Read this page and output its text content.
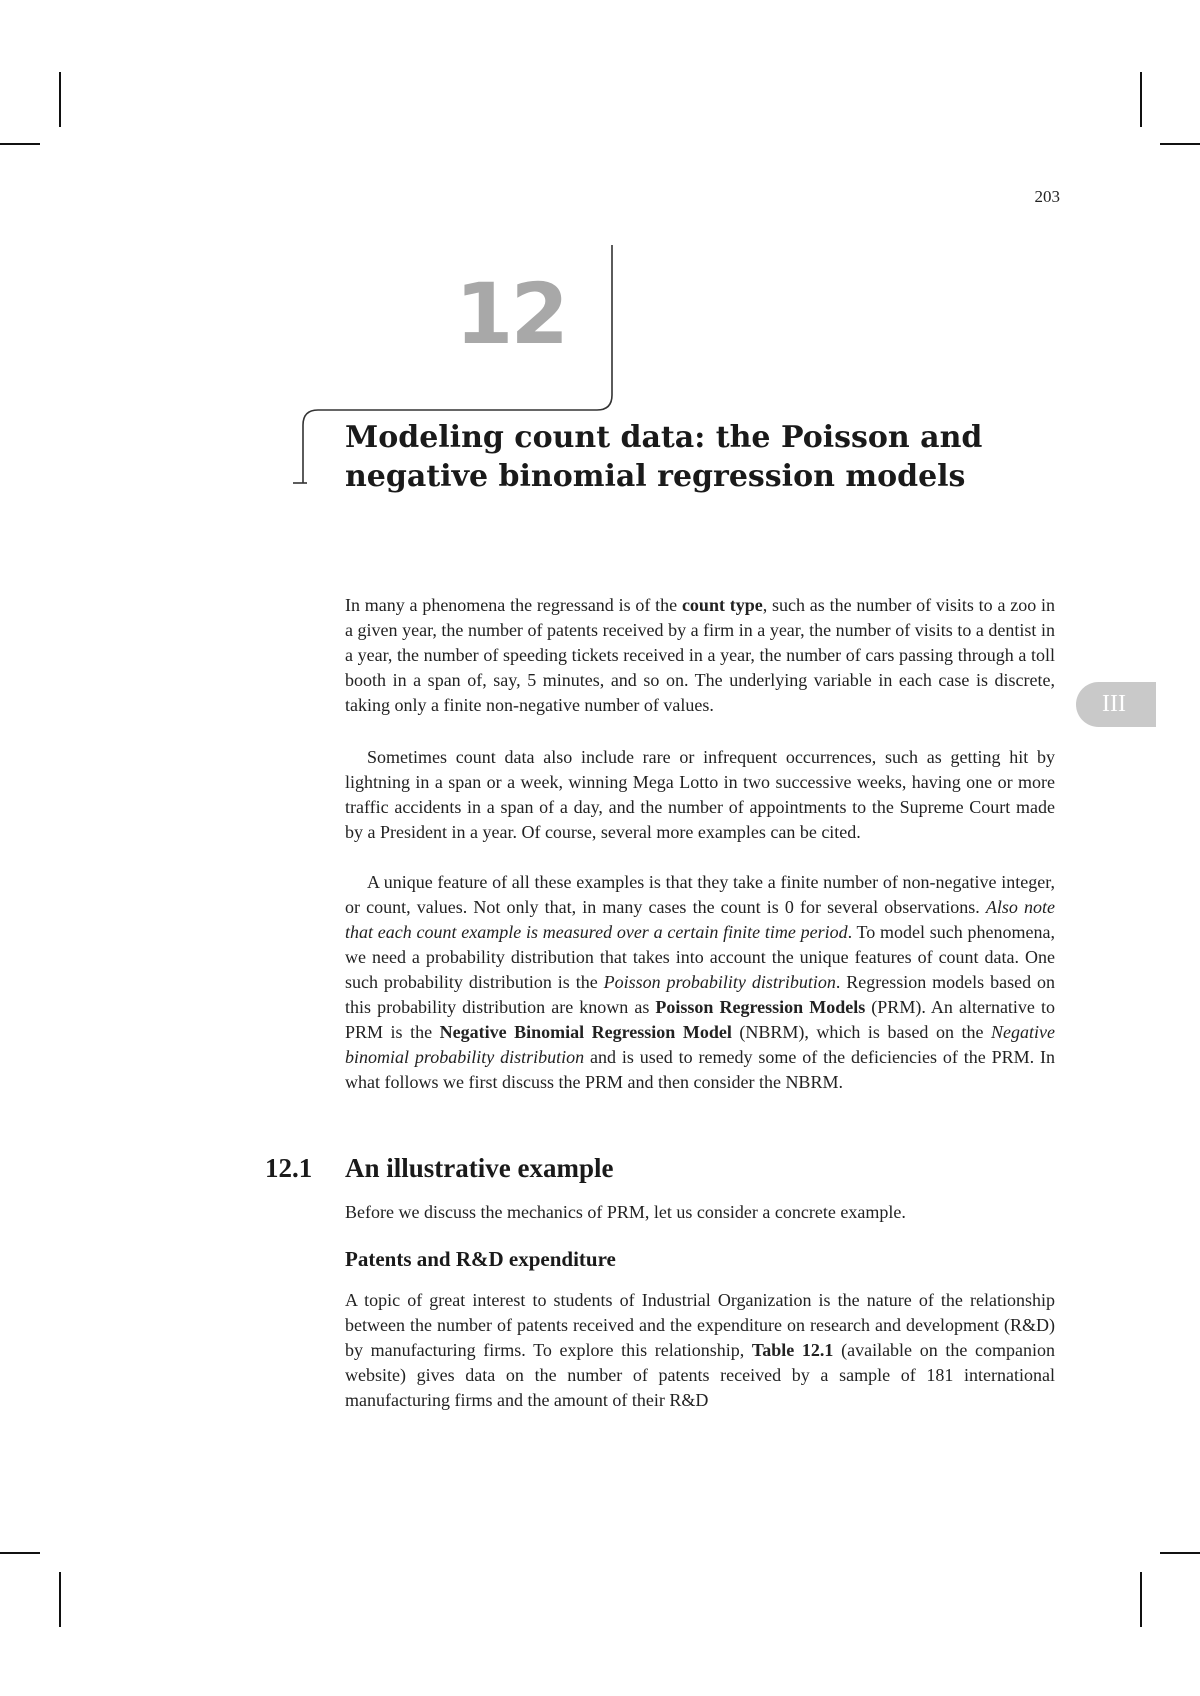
203
12
Modeling count data: the Poisson and
negative binomial regression models
III

In many a phenomena the regressand is of the count type, such as the number of visits to a zoo in a given year, the number of patents received by a firm in a year, the number of visits to a dentist in a year, the number of speeding tickets received in a year, the number of cars passing through a toll booth in a span of, say, 5 minutes, and so on. The underlying variable in each case is discrete, taking only a finite non-negative number of values.

Sometimes count data also include rare or infrequent occurrences, such as getting hit by lightning in a span or a week, winning Mega Lotto in two successive weeks, having one or more traffic accidents in a span of a day, and the number of appointments to the Supreme Court made by a President in a year. Of course, several more examples can be cited.

A unique feature of all these examples is that they take a finite number of non-negative integer, or count, values. Not only that, in many cases the count is 0 for several observations. Also note that each count example is measured over a certain finite time period. To model such phenomena, we need a probability distribution that takes into account the unique features of count data. One such probability distribution is the Poisson probability distribution. Regression models based on this probability distribution are known as Poisson Regression Models (PRM). An alternative to PRM is the Negative Binomial Regression Model (NBRM), which is based on the Negative binomial probability distribution and is used to remedy some of the deficiencies of the PRM. In what follows we first discuss the PRM and then consider the NBRM.

12.1 An illustrative example

Before we discuss the mechanics of PRM, let us consider a concrete example.

Patents and R&D expenditure

A topic of great interest to students of Industrial Organization is the nature of the relationship between the number of patents received and the expenditure on research and development (R&D) by manufacturing firms. To explore this relationship, Table 12.1 (available on the companion website) gives data on the number of patents received by a sample of 181 international manufacturing firms and the amount of their R&D
